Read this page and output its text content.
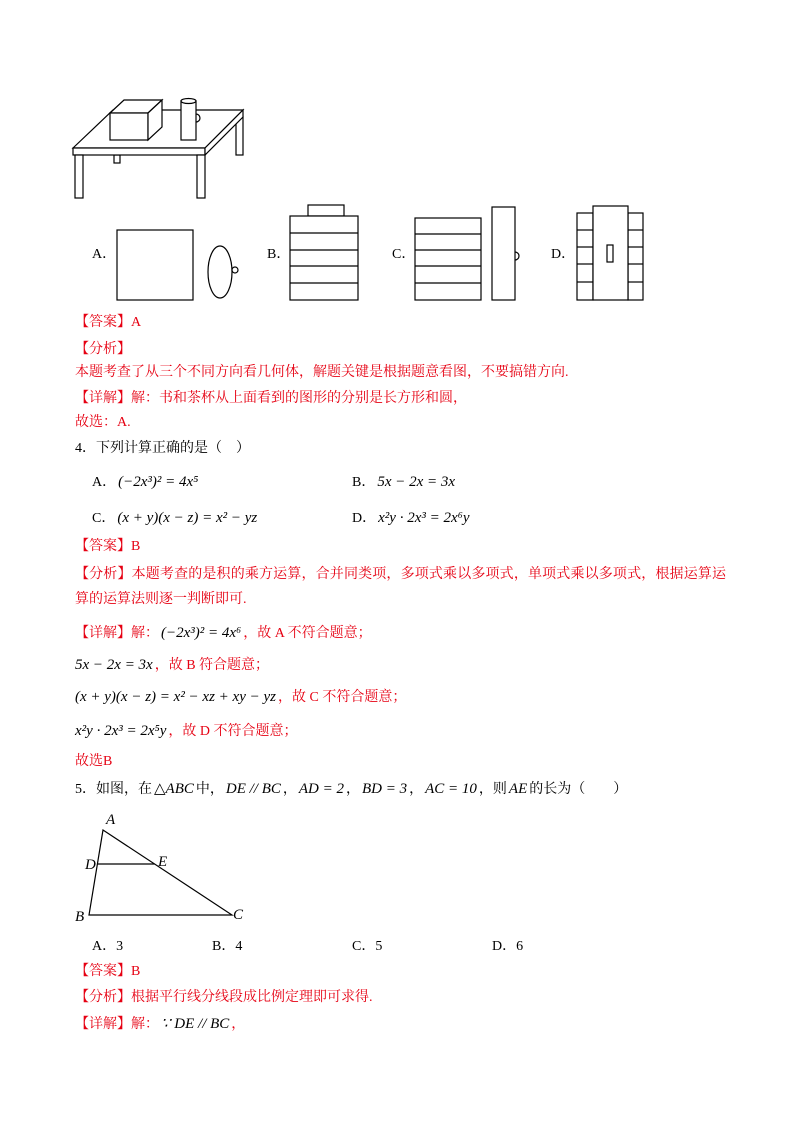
A
D	E
B	C
A．	B．	C．	D．
【答案】A
【分析】
本题考查了从三个不同方向看几何体，解题关键是根据题意看图，不要搞错方向.
【详解】解：书和茶杯从上面看到的图形的分别是长方形和圆，
故选：A.
4．下列计算正确的是（　）
A． (−2x³)² = 4x⁵	B． 5x − 2x = 3x
C． (x + y)(x − z) = x² − yz	D． x²y · 2x³ = 2x⁶y
【答案】B
【分析】本题考查的是积的乘方运算，合并同类项，多项式乘以多项式，单项式乘以多项式，根据运算运
算的运算法则逐一判断即可.
【详解】解： (−2x³)² = 4x⁶ ，故 A 不符合题意；
5x − 2x = 3x ，故 B 符合题意；
(x + y)(x − z) = x² − xz + xy − yz ，故 C 不符合题意；
x²y · 2x³ = 2x⁵y ，故 D 不符合题意；
故选B
5．如图，在 △ABC 中， DE // BC ， AD = 2 ， BD = 3 ， AC = 10 ，则 AE 的长为（　　）
A．3	B．4	C．5	D．6
【答案】B
【分析】根据平行线分线段成比例定理即可求得.
【详解】解： ∵ DE // BC ，
